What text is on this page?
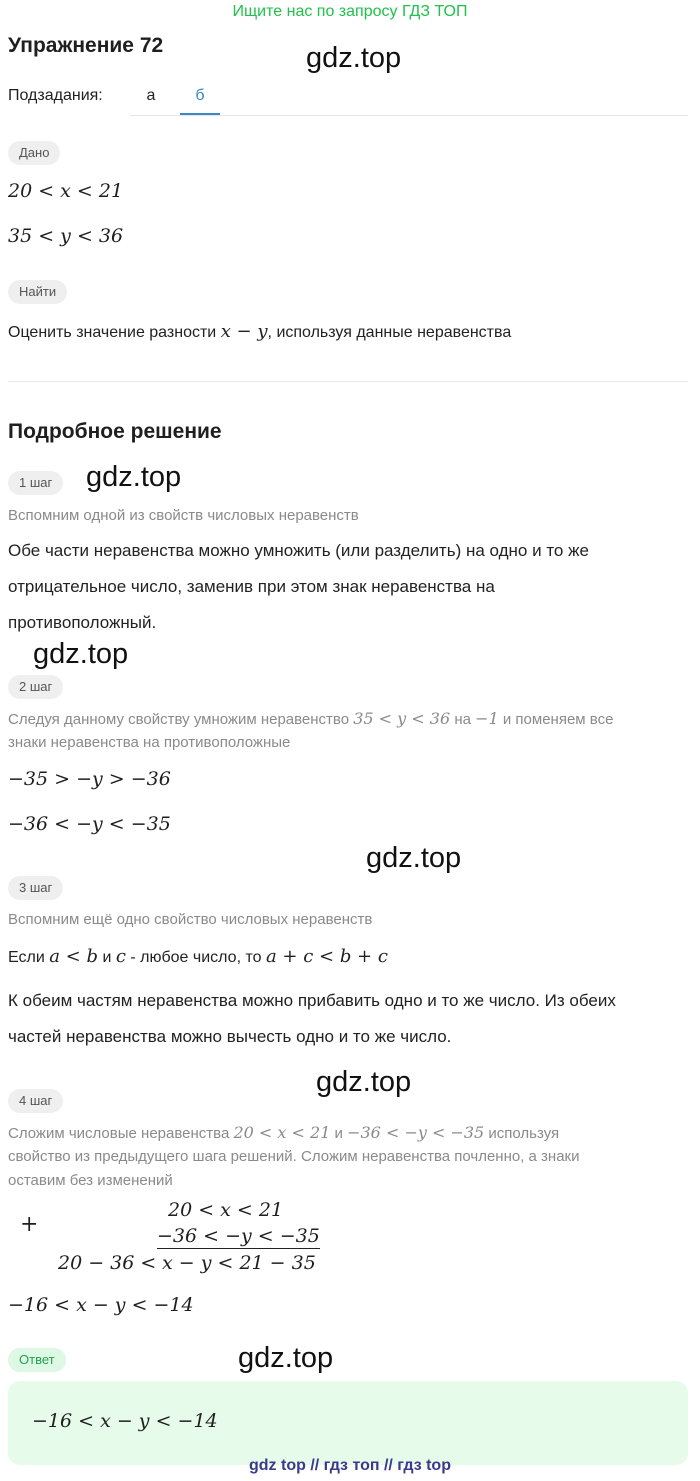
Ищите нас по запросу ГДЗ ТОП
Упражнение 72	gdz.top
Подзадания:	а	б
Дано
20 < x < 21
35 < y < 36
Найти
Оценить значение разности x − y, используя данные неравенства
Подробное решение
1 шаг	gdz.top
Вспомним одной из свойств числовых неравенств
Обе части неравенства можно умножить (или разделить) на одно и то же
отрицательное число, заменив при этом знак неравенства на
противоположный.
gdz.top
2 шаг
Следуя данному свойству умножим неравенство 35 < y < 36 на −1 и поменяем все
знаки неравенства на противоположные
−35 > −y > −36
−36 < −y < −35
gdz.top
3 шаг
Вспомним ещё одно свойство числовых неравенств
Если a < b и c - любое число, то a + c < b + c
К обеим частям неравенства можно прибавить одно и то же число. Из обеих
частей неравенства можно вычесть одно и то же число.
gdz.top
4 шаг
Сложим числовые неравенства 20 < x < 21 и −36 < −y < −35 используя
свойство из предыдущего шага решений. Сложим неравенства почленно, а знаки
оставим без изменений
+
20 < x < 21
−36 < −y < −35
20 − 36 < x − y < 21 − 35
−16 < x − y < −14
Ответ	gdz.top
−16 < x − y < −14
gdz top // гдз топ // гдз top
